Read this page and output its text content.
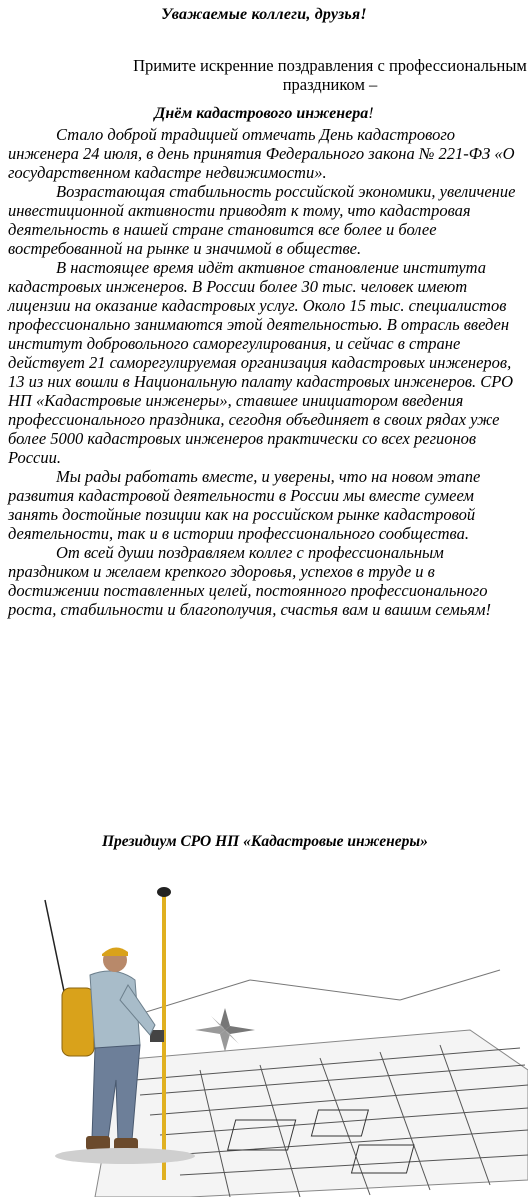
Уважаемые коллеги, друзья!
Примите искренние поздравления с профессиональным праздником –
Днём кадастрового инженера!

Стало доброй традицией отмечать День кадастрового инженера 24 июля, в день принятия Федерального закона № 221-ФЗ «О государственном кадастре недвижимости».

Возрастающая стабильность российской экономики, увеличение инвестиционной активности приводят к тому, что кадастровая деятельность в нашей стране становится все более и более востребованной на рынке и значимой в обществе.

В настоящее время идёт активное становление института кадастровых инженеров. В России более 30 тыс. человек имеют лицензии на оказание кадастровых услуг. Около 15 тыс. специалистов профессионально занимаются этой деятельностью. В отрасль введен институт добровольного саморегулирования, и сейчас в стране действует 21 саморегулируемая организация кадастровых инженеров, 13 из них вошли в Национальную палату кадастровых инженеров. СРО НП «Кадастровые инженеры», ставшее инициатором введения профессионального праздника, сегодня объединяет в своих рядах уже более 5000 кадастровых инженеров практически со всех регионов России.

Мы рады работать вместе, и уверены, что на новом этапе развития кадастровой деятельности в России мы вместе сумеем занять достойные позиции как на российском рынке кадастровой деятельности, так и в истории профессионального сообщества.

От всей души поздравляем коллег с профессиональным праздником и желаем крепкого здоровья, успехов в труде и в достижении поставленных целей, постоянного профессионального роста, стабильности и благополучия, счастья вам и вашим семьям!

Президиум СРО НП «Кадастровые инженеры»
